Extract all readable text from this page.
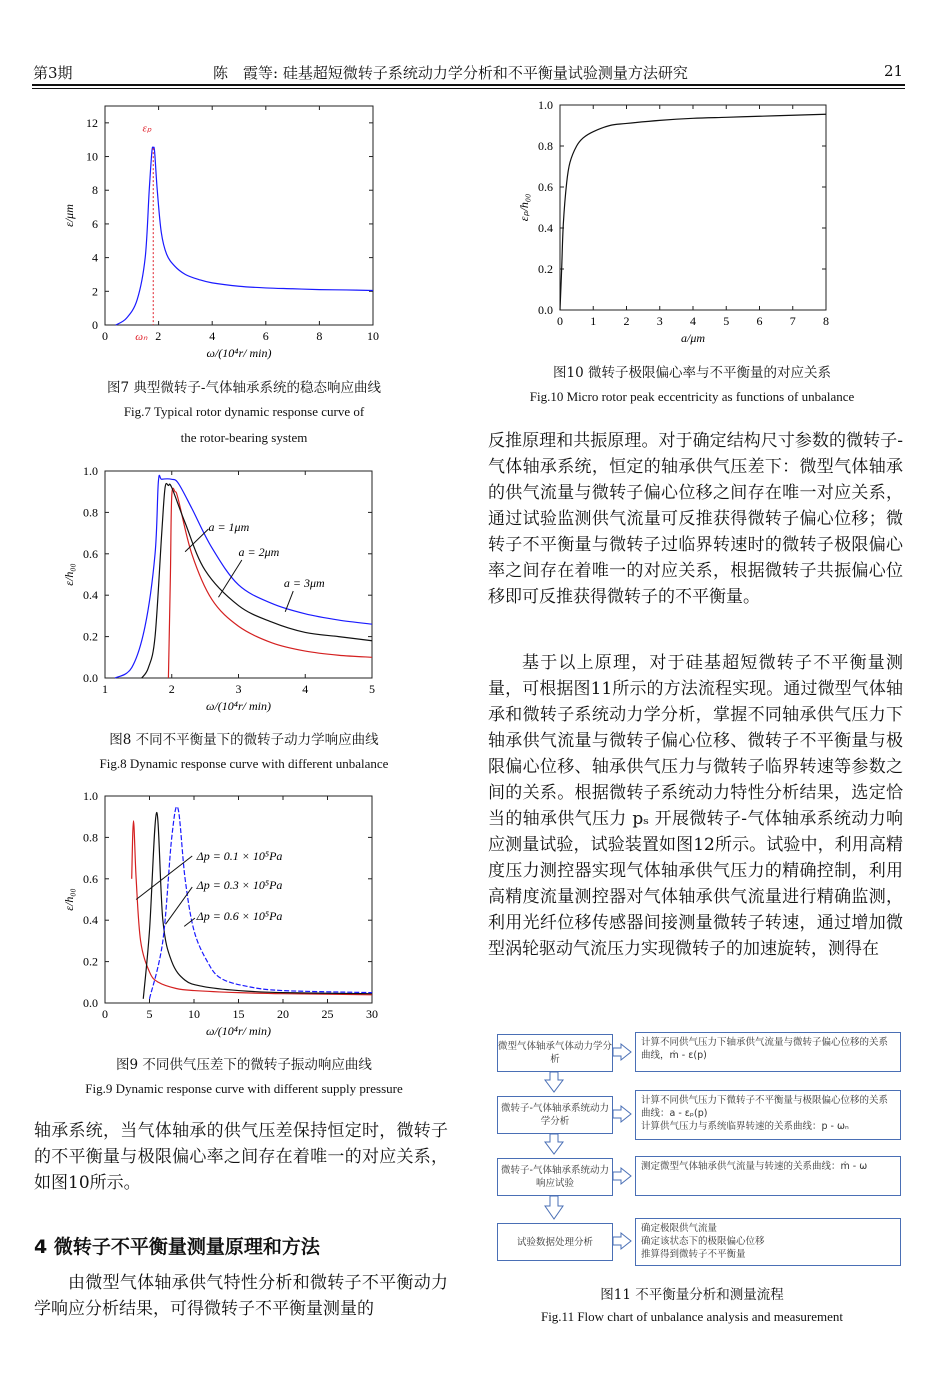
第3期	陈　霞等: 硅基超短微转子系统动力学分析和不平衡量试验测量方法研究	21
0	4	6	8	10
0
2
4
6
8
10
12
ω/(10⁴r/ min)
ε/μm
εₚ
ωₙ 2
图7 典型微转子-气体轴承系统的稳态响应曲线
Fig.7 Typical rotor dynamic response curve of
the rotor-bearing system
1	2	3	4	5
0.0
0.2
0.4
0.6
0.8
1.0
ω/(10⁴r/ min)
ε/h₀₀
a = 1μm
a = 2μm
a = 3μm
图8 不同不平衡量下的微转子动力学响应曲线
Fig.8 Dynamic response curve with different unbalance
0	5	10	15	20	25	30
0.0
0.2
0.4
0.6
0.8
1.0
ω/(10⁴r/ min)
ε/h₀₀
Δp = 0.1 × 10⁵Pa
Δp = 0.3 × 10⁵Pa
Δp = 0.6 × 10⁵Pa
图9 不同供气压差下的微转子振动响应曲线
Fig.9 Dynamic response curve with different supply pressure
轴承系统，当气体轴承的供气压差保持恒定时，微转子的不平衡量与极限偏心率之间存在着唯一的对应关系，如图10所示。
4 微转子不平衡量测量原理和方法
由微型气体轴承供气特性分析和微转子不平衡动力学响应分析结果，可得微转子不平衡量测量的
0 1 2 3 4 5 6 7 8
0.0
0.2
0.4
0.6
0.8
1.0
a/μm
εₚ/h₀₀
图10 微转子极限偏心率与不平衡量的对应关系
Fig.10 Micro rotor peak eccentricity as functions of unbalance
反推原理和共振原理。对于确定结构尺寸参数的微转子-气体轴承系统，恒定的轴承供气压差下：微型气体轴承的供气流量与微转子偏心位移之间存在唯一对应关系，通过试验监测供气流量可反推获得微转子偏心位移；微转子不平衡量与微转子过临界转速时的微转子极限偏心率之间存在着唯一的对应关系，根据微转子共振偏心位移即可反推获得微转子的不平衡量。
基于以上原理，对于硅基超短微转子不平衡量测量，可根据图11所示的方法流程实现。通过微型气体轴承和微转子系统动力学分析，掌握不同轴承供气压力下轴承供气流量与微转子偏心位移、微转子不平衡量与极限偏心位移、轴承供气压力与微转子临界转速等参数之间的关系。根据微转子系统动力特性分析结果，选定恰当的轴承供气压力 pₛ 开展微转子-气体轴承系统动力响应测量试验，试验装置如图12所示。试验中，利用高精度压力测控器实现气体轴承供气压力的精确控制，利用高精度流量测控器对气体轴承供气流量进行精确监测，利用光纤位移传感器间接测量微转子转速，通过增加微型涡轮驱动气流压力实现微转子的加速旋转，测得在
微型气体轴承气体动力学分析
微转子-气体轴承系统动力学分析
微转子-气体轴承系统动力响应试验
试验数据处理分析
计算不同供气压力下轴承供气流量与微转子偏心位移的关系曲线，ṁ - ε(p)
计算不同供气压力下微转子不平衡量与极限偏心位移的关系曲线：a - εₚ(p)
计算供气压力与系统临界转速的关系曲线：p - ωₙ
测定微型气体轴承供气流量与转速的关系曲线：ṁ - ω
确定极限供气流量
确定该状态下的极限偏心位移
推算得到微转子不平衡量
图11 不平衡量分析和测量流程
Fig.11 Flow chart of unbalance analysis and measurement
